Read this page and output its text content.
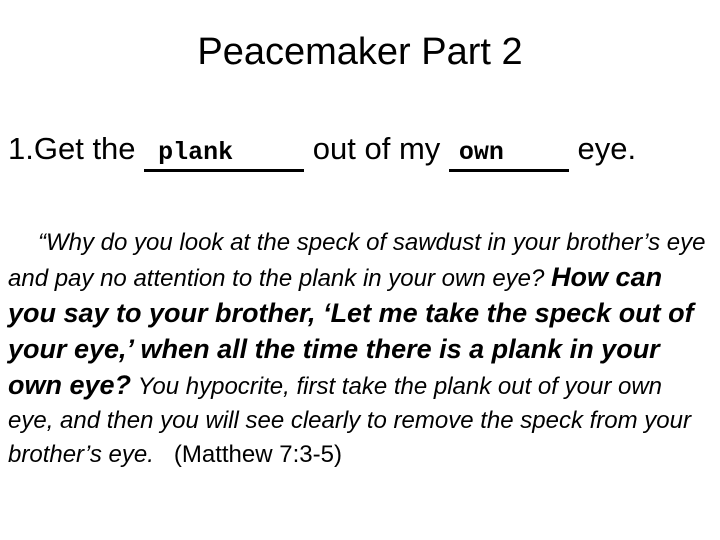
Peacemaker Part 2
1.Get the plank
out of my own
eye.

“Why do you look at the speck of sawdust in your brother’s eye and pay no attention to the plank in your own eye? How can you say to your brother, ‘Let me take the speck out of your eye,’ when all the time there is a plank in your own eye? You hypocrite, first take the plank out of your own eye, and then you will see clearly to remove the speck from your brother’s eye. (Matthew 7:3-5)
